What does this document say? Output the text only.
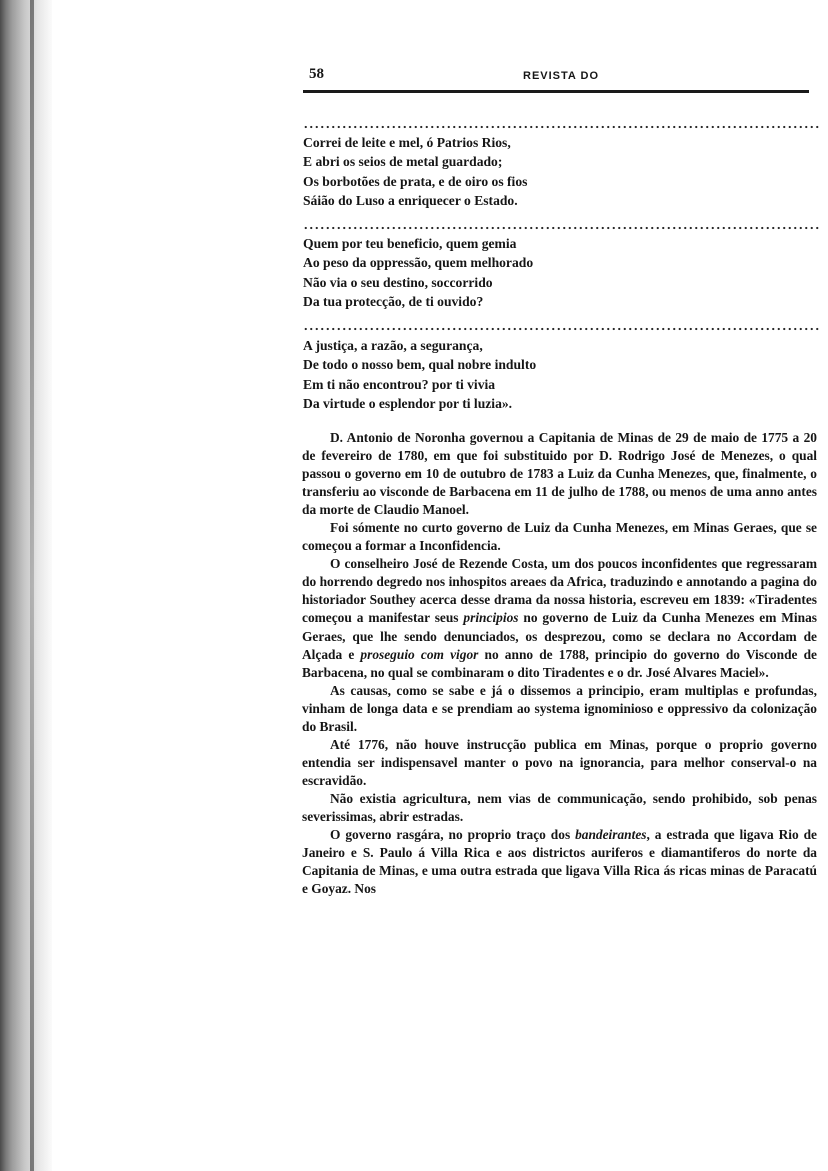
58	REVISTA DO
Correi de leite e mel, ó Patrios Rios,
E abri os seios de metal guardado;
Os borbotões de prata, e de oiro os fios
Sáião do Luso a enriquecer o Estado.
Quem por teu beneficio, quem gemia
Ao peso da oppressão, quem melhorado
Não via o seu destino, soccorrido
Da tua protecção, de ti ouvido?
A justiça, a razão, a segurança,
De todo o nosso bem, qual nobre indulto
Em ti não encontrou? por ti vivia
Da virtude o esplendor por ti luzia».

D. Antonio de Noronha governou a Capitania de Minas de 29 de maio de 1775 a 20 de fevereiro de 1780, em que foi substituido por D. Rodrigo José de Menezes, o qual passou o governo em 10 de outubro de 1783 a Luiz da Cunha Menezes, que, finalmente, o transferiu ao visconde de Barbacena em 11 de julho de 1788, ou menos de uma anno antes da morte de Claudio Manoel.

Foi sómente no curto governo de Luiz da Cunha Menezes, em Minas Geraes, que se começou a formar a Inconfidencia.

O conselheiro José de Rezende Costa, um dos poucos inconfidentes que regressaram do horrendo degredo nos inhospitos areaes da Africa, traduzindo e annotando a pagina do historiador Southey acerca desse drama da nossa historia, escreveu em 1839: «Tiradentes começou a manifestar seus principios no governo de Luiz da Cunha Menezes em Minas Geraes, que lhe sendo denunciados, os desprezou, como se declara no Accordam de Alçada e proseguio com vigor no anno de 1788, principio do governo do Visconde de Barbacena, no qual se combinaram o dito Tiradentes e o dr. José Alvares Maciel».

As causas, como se sabe e já o dissemos a principio, eram multiplas e profundas, vinham de longa data e se prendiam ao systema ignominioso e oppressivo da colonização do Brasil.

Até 1776, não houve instrucção publica em Minas, porque o proprio governo entendia ser indispensavel manter o povo na ignorancia, para melhor conserval-o na escravidão.

Não existia agricultura, nem vias de communicação, sendo prohibido, sob penas severissimas, abrir estradas.

O governo rasgára, no proprio traço dos bandeirantes, a estrada que ligava Rio de Janeiro e S. Paulo á Villa Rica e aos districtos auriferos e diamantiferos do norte da Capitania de Minas, e uma outra estrada que ligava Villa Rica ás ricas minas de Paracatú e Goyaz. Nos
